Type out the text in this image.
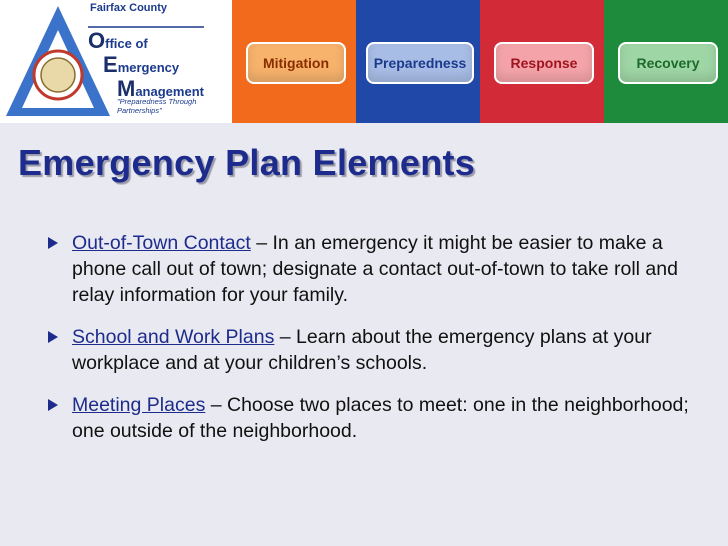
Fairfax County
Office of
Emergency
Management
"Preparedness Through Partnerships"
Mitigation	Preparedness	Response	Recovery
Emergency Plan Elements
Out-of-Town Contact – In an emergency it might be easier to make a phone call out of town; designate a contact out-of-town to take roll and relay information for your family.
School and Work Plans – Learn about the emergency plans at your workplace and at your children’s schools.
Meeting Places – Choose two places to meet: one in the neighborhood; one outside of the neighborhood.
